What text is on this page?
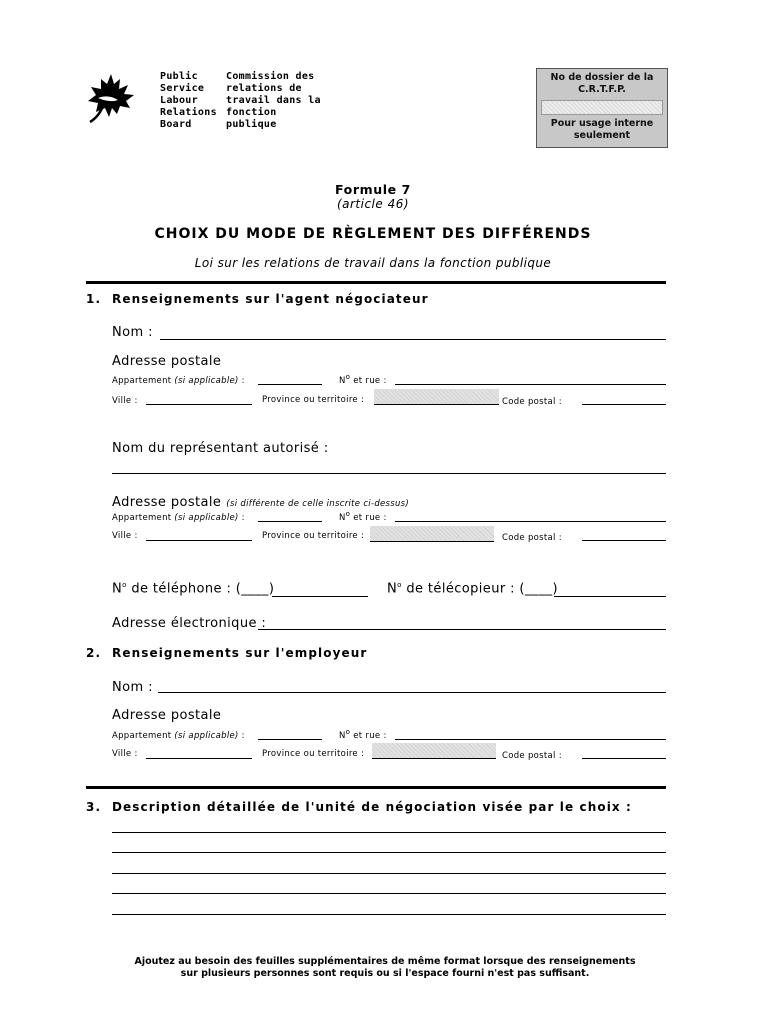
Public
Service
Labour
Relations
Board
Commission des
relations de
travail dans la
fonction
publique
No de dossier de la
C.R.T.F.P.
Pour usage interne
seulement
Formule 7
(article 46)
CHOIX DU MODE DE RÈGLEMENT DES DIFFÉRENDS
Loi sur les relations de travail dans la fonction publique
1. Renseignements sur l'agent négociateur
Nom :
Adresse postale
Appartement (si applicable) :	$N^o$ et rue :
Ville :	Province ou territoire :	Code postal :
Nom du représentant autorisé :
Adresse postale (si différente de celle inscrite ci-dessus)
Appartement (si applicable) :	$N^o$ et rue :
Ville :	Province ou territoire :	Code postal :
$N^o$ de téléphone : (____)	$N^o$ de télécopieur : (____)
Adresse électronique :
2. Renseignements sur l'employeur
Nom :
Adresse postale
Appartement (si applicable) :	$N^o$ et rue :
Ville :	Province ou territoire :	Code postal :
3. Description détaillée de l'unité de négociation visée par le choix :
Ajoutez au besoin des feuilles supplémentaires de même format lorsque des renseignements
sur plusieurs personnes sont requis ou si l'espace fourni n'est pas suffisant.
